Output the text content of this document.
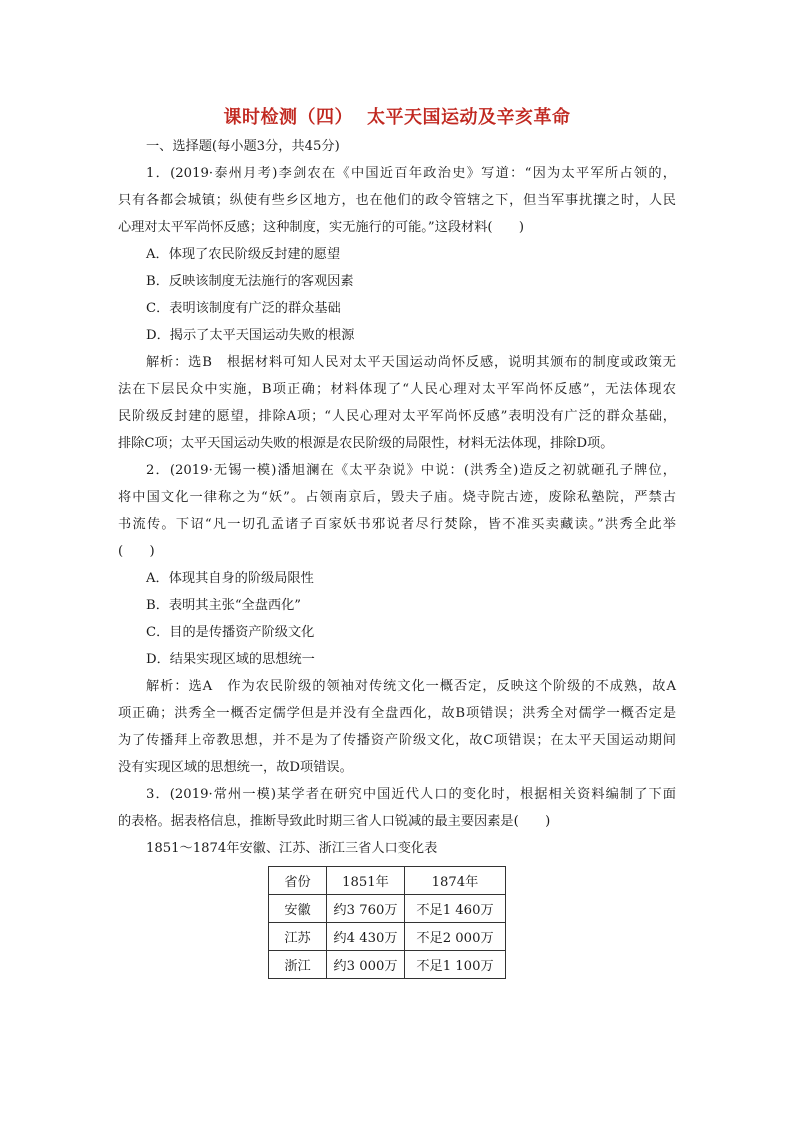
课时检测（四） 太平天国运动及辛亥革命
一、选择题(每小题3分，共45分)
1．(2019·泰州月考)李剑农在《中国近百年政治史》写道：“因为太平军所占领的，
只有各都会城镇；纵使有些乡区地方，也在他们的政令管辖之下，但当军事扰攘之时，人民
心理对太平军尚怀反感；这种制度，实无施行的可能。”这段材料(　　)
A．体现了农民阶级反封建的愿望
B．反映该制度无法施行的客观因素
C．表明该制度有广泛的群众基础
D．揭示了太平天国运动失败的根源
解析：选B　根据材料可知人民对太平天国运动尚怀反感，说明其颁布的制度或政策无
法在下层民众中实施，B项正确；材料体现了“人民心理对太平军尚怀反感”，无法体现农
民阶级反封建的愿望，排除A项；“人民心理对太平军尚怀反感”表明没有广泛的群众基础，
排除C项；太平天国运动失败的根源是农民阶级的局限性，材料无法体现，排除D项。
2．(2019·无锡一模)潘旭澜在《太平杂说》中说：(洪秀全)造反之初就砸孔子牌位，
将中国文化一律称之为“妖”。占领南京后，毁夫子庙。烧寺院古迹，废除私塾院，严禁古
书流传。下诏“凡一切孔孟诸子百家妖书邪说者尽行焚除，皆不准买卖藏读。”洪秀全此举
(　　)
A．体现其自身的阶级局限性
B．表明其主张“全盘西化”
C．目的是传播资产阶级文化
D．结果实现区域的思想统一
解析：选A　作为农民阶级的领袖对传统文化一概否定，反映这个阶级的不成熟，故A
项正确；洪秀全一概否定儒学但是并没有全盘西化，故B项错误；洪秀全对儒学一概否定是
为了传播拜上帝教思想，并不是为了传播资产阶级文化，故C项错误；在太平天国运动期间
没有实现区域的思想统一，故D项错误。
3．(2019·常州一模)某学者在研究中国近代人口的变化时，根据相关资料编制了下面
的表格。据表格信息，推断导致此时期三省人口锐减的最主要因素是(　　)
1851～1874年安徽、江苏、浙江三省人口变化表
省份	1851年	1874年
安徽	约3 760万	不足1 460万
江苏	约4 430万	不足2 000万
浙江	约3 000万	不足1 100万
